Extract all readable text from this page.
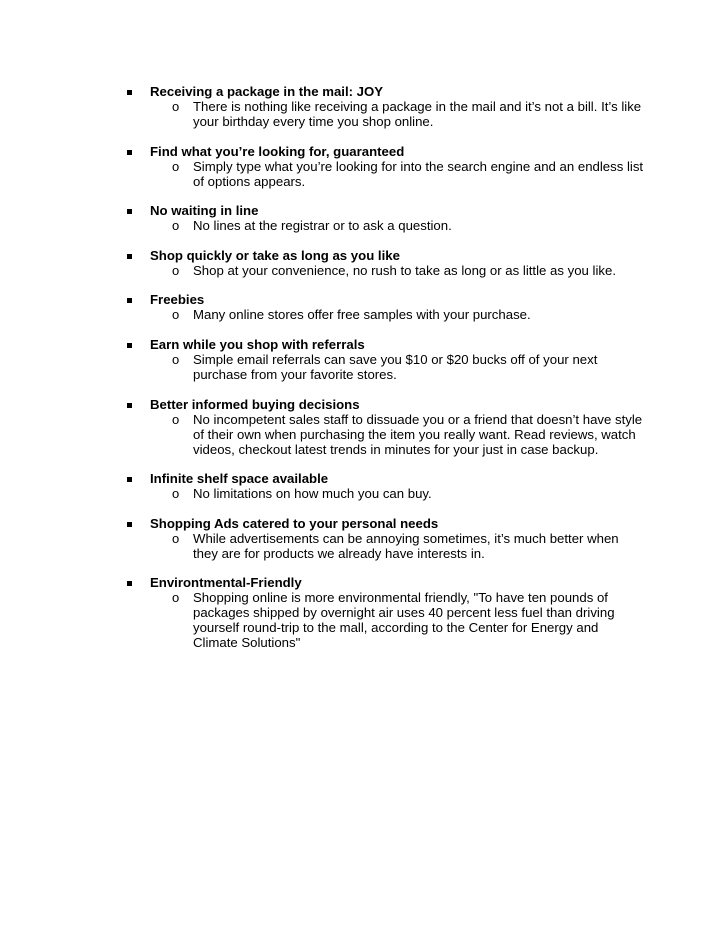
Receiving a package in the mail: JOY
o There is nothing like receiving a package in the mail and it’s not a bill. It’s like your birthday every time you shop online.
Find what you’re looking for, guaranteed
o Simply type what you’re looking for into the search engine and an endless list of options appears.
No waiting in line
o No lines at the registrar or to ask a question.
Shop quickly or take as long as you like
o Shop at your convenience, no rush to take as long or as little as you like.
Freebies
o Many online stores offer free samples with your purchase.
Earn while you shop with referrals
o Simple email referrals can save you $10 or $20 bucks off of your next purchase from your favorite stores.
Better informed buying decisions
o No incompetent sales staff to dissuade you or a friend that doesn’t have style of their own when purchasing the item you really want. Read reviews, watch videos, checkout latest trends in minutes for your just in case backup.
Infinite shelf space available
o No limitations on how much you can buy.
Shopping Ads catered to your personal needs
o While advertisements can be annoying sometimes, it’s much better when they are for products we already have interests in.
Environtmental-Friendly
o Shopping online is more environmental friendly, "To have ten pounds of packages shipped by overnight air uses 40 percent less fuel than driving yourself round-trip to the mall, according to the Center for Energy and Climate Solutions"
